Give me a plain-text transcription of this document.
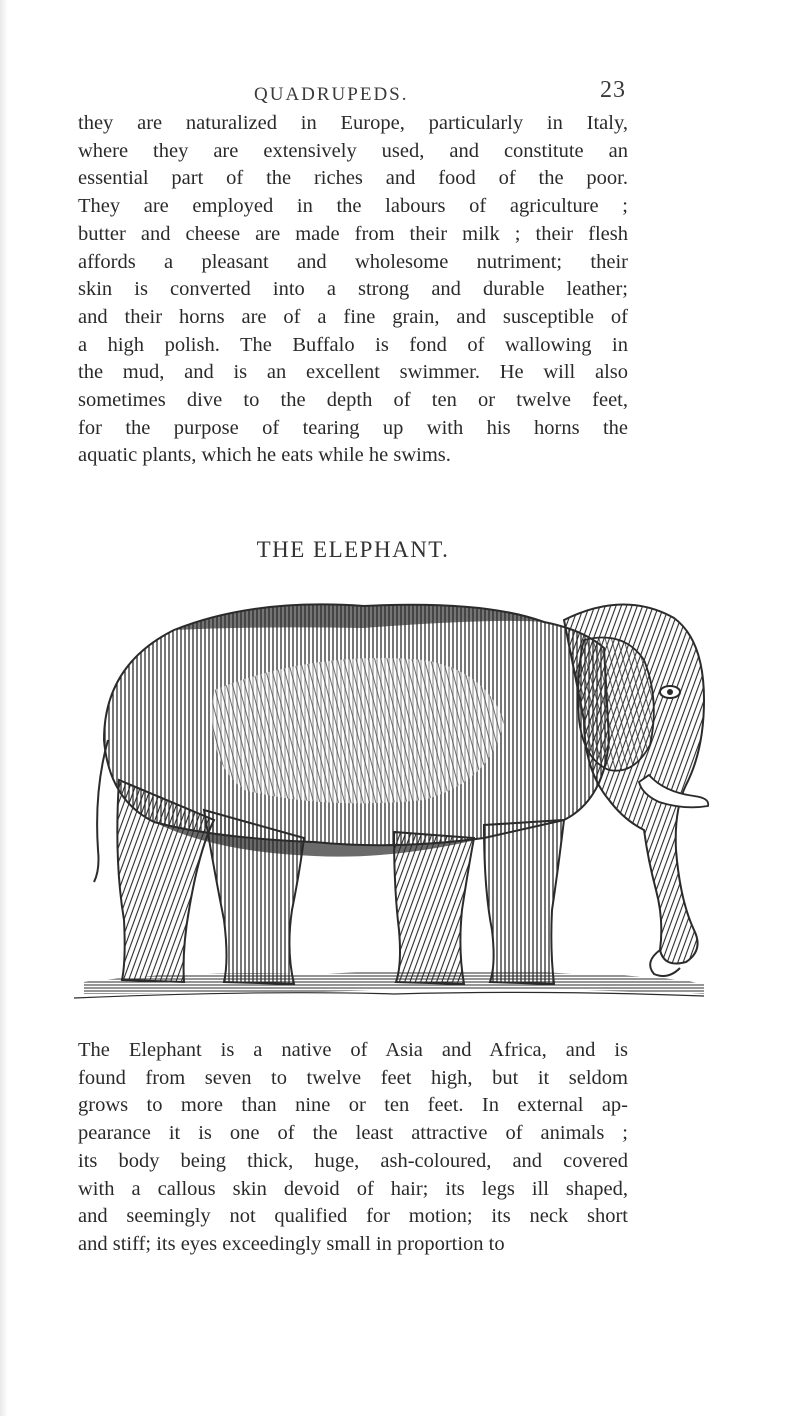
QUADRUPEDS.	23
they are naturalized in Europe, particularly in Italy,
where they are extensively used, and constitute an
essential part of the riches and food of the poor.
They are employed in the labours of agriculture ;
butter and cheese are made from their milk ; their flesh
affords a pleasant and wholesome nutriment; their
skin is converted into a strong and durable leather;
and their horns are of a fine grain, and susceptible of
a high polish. The Buffalo is fond of wallowing in
the mud, and is an excellent swimmer. He will also
sometimes dive to the depth of ten or twelve feet,
for the purpose of tearing up with his horns the
aquatic plants, which he eats while he swims.
THE ELEPHANT.
The Elephant is a native of Asia and Africa, and is
found from seven to twelve feet high, but it seldom
grows to more than nine or ten feet. In external ap-
pearance it is one of the least attractive of animals ;
its body being thick, huge, ash-coloured, and covered
with a callous skin devoid of hair; its legs ill shaped,
and seemingly not qualified for motion; its neck short
and stiff; its eyes exceedingly small in proportion to
